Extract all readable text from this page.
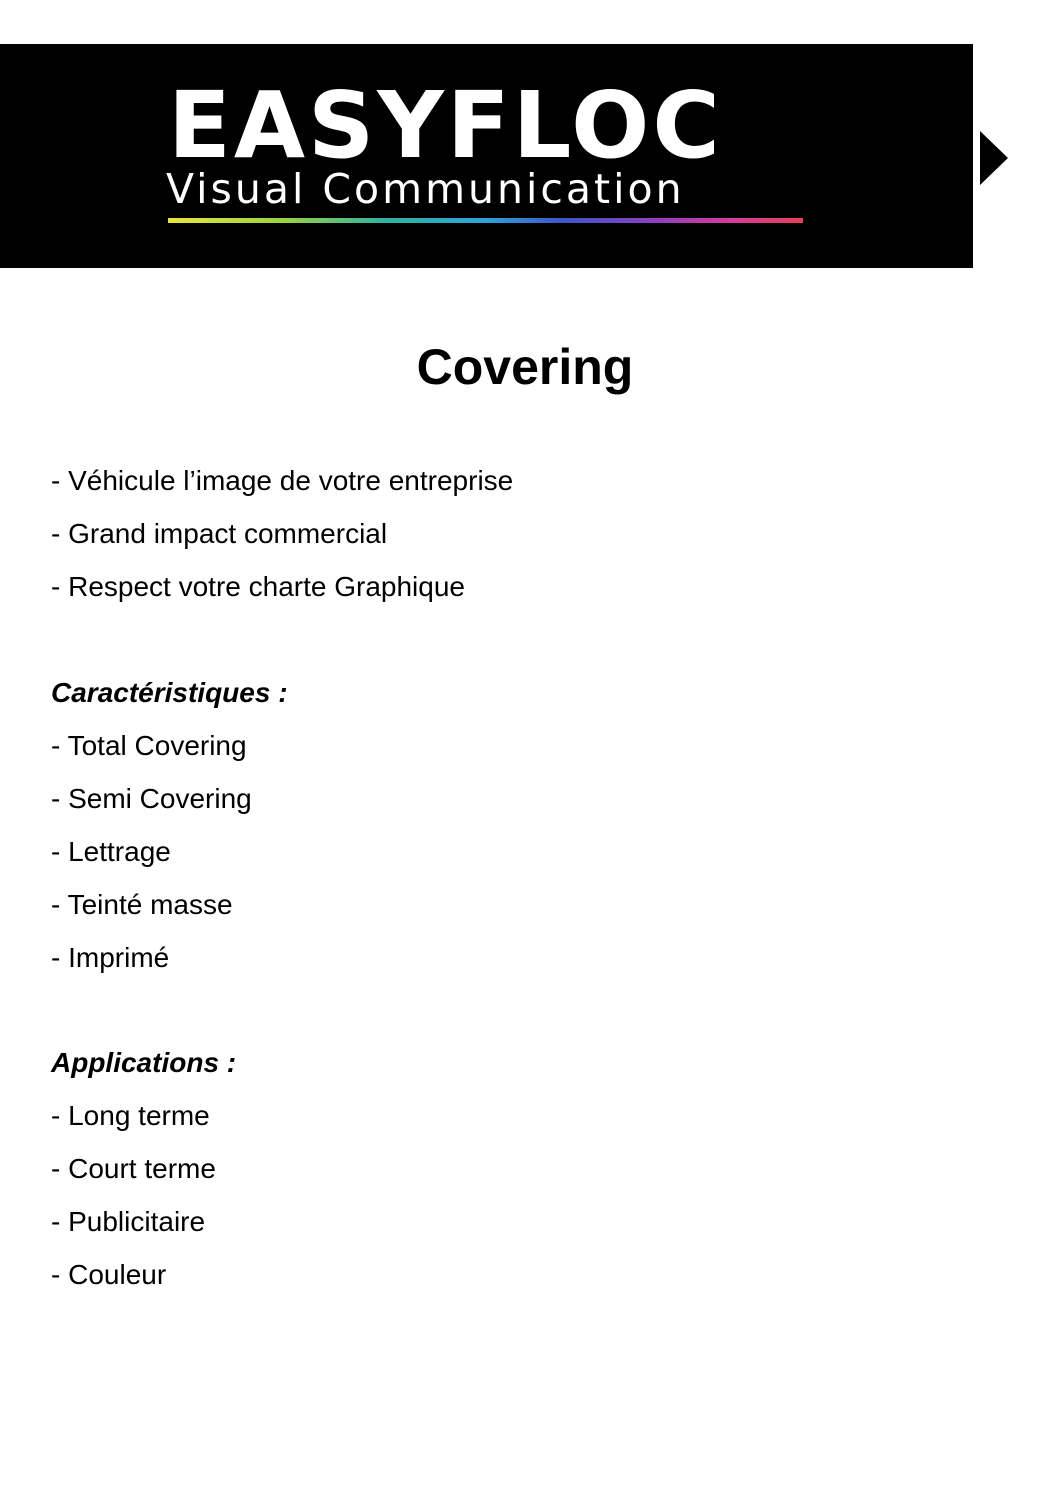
EASYFLOC
Visual Communication
Covering

- Véhicule l’image de votre entreprise

- Grand impact commercial

- Respect votre charte Graphique

Caractéristiques :

- Total Covering

- Semi Covering

- Lettrage

- Teinté masse

- Imprimé

Applications :

- Long terme

- Court terme

- Publicitaire

- Couleur
